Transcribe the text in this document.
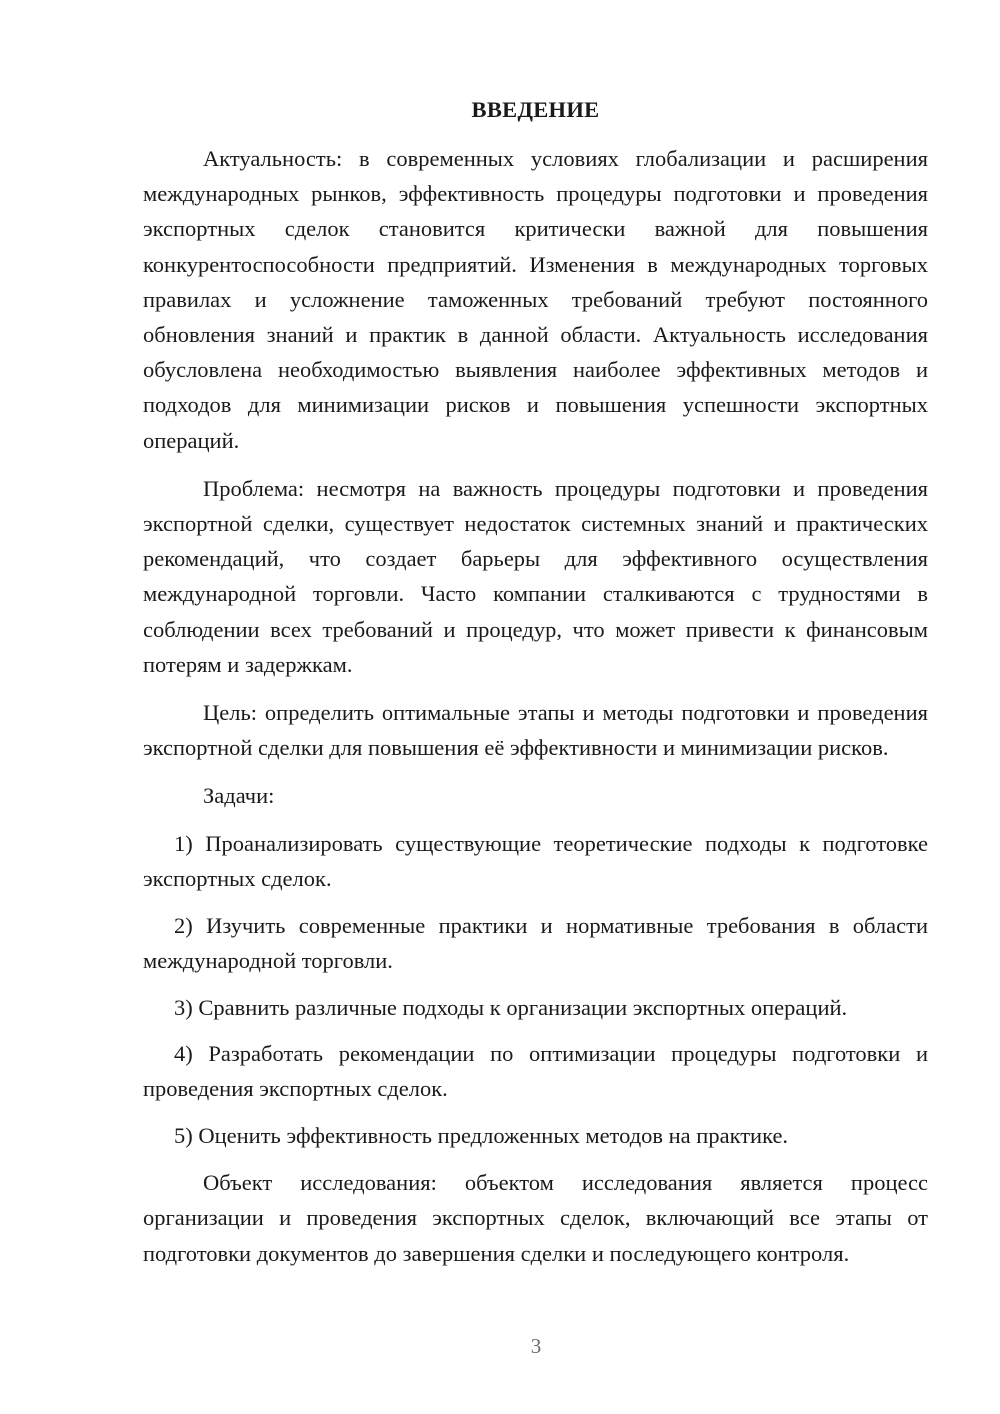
ВВЕДЕНИЕ

Актуальность: в современных условиях глобализации и расширения международных рынков, эффективность процедуры подготовки и проведения экспортных сделок становится критически важной для повышения конкурентоспособности предприятий. Изменения в международных торговых правилах и усложнение таможенных требований требуют постоянного обновления знаний и практик в данной области. Актуальность исследования обусловлена необходимостью выявления наиболее эффективных методов и подходов для минимизации рисков и повышения успешности экспортных операций.

Проблема: несмотря на важность процедуры подготовки и проведения экспортной сделки, существует недостаток системных знаний и практических рекомендаций, что создает барьеры для эффективного осуществления международной торговли. Часто компании сталкиваются с трудностями в соблюдении всех требований и процедур, что может привести к финансовым потерям и задержкам.

Цель: определить оптимальные этапы и методы подготовки и проведения экспортной сделки для повышения её эффективности и минимизации рисков.

Задачи:

1) Проанализировать существующие теоретические подходы к подготовке экспортных сделок.

2) Изучить современные практики и нормативные требования в области международной торговли.

3) Сравнить различные подходы к организации экспортных операций.

4) Разработать рекомендации по оптимизации процедуры подготовки и проведения экспортных сделок.

5) Оценить эффективность предложенных методов на практике.

Объект исследования: объектом исследования является процесс организации и проведения экспортных сделок, включающий все этапы от подготовки документов до завершения сделки и последующего контроля.

3
